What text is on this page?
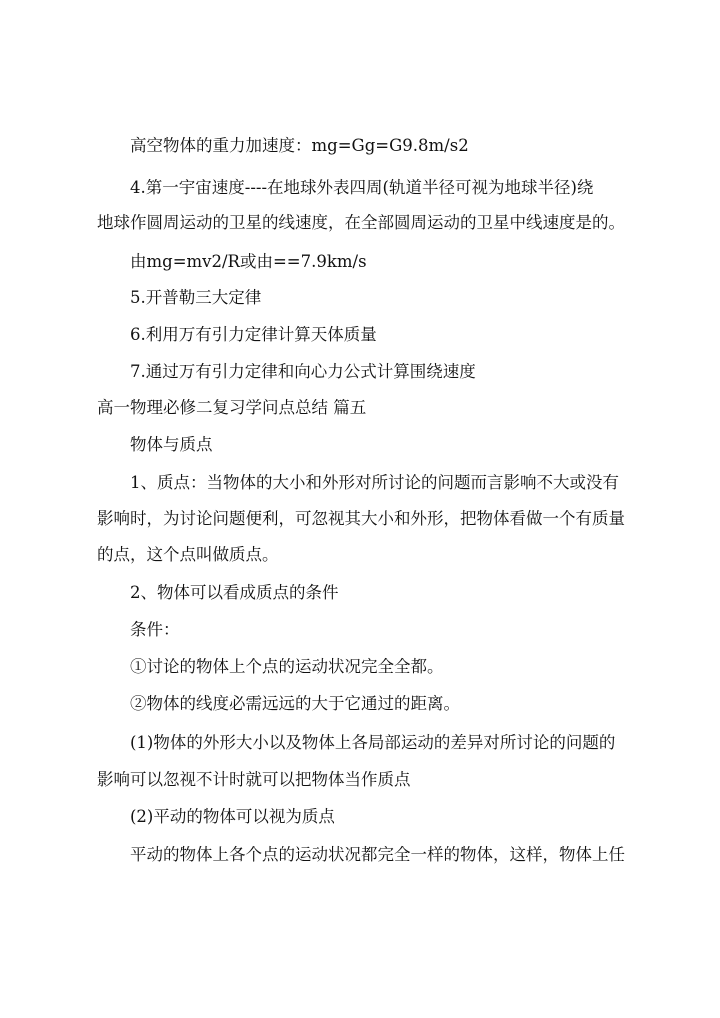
高空物体的重力加速度：mg=Gg=G9.8m/s2
4.第一宇宙速度----在地球外表四周(轨道半径可视为地球半径)绕
地球作圆周运动的卫星的线速度，在全部圆周运动的卫星中线速度是的。
由mg=mv2/R或由==7.9km/s
5.开普勒三大定律
6.利用万有引力定律计算天体质量
7.通过万有引力定律和向心力公式计算围绕速度
高一物理必修二复习学问点总结 篇五
物体与质点
1、质点：当物体的大小和外形对所讨论的问题而言影响不大或没有
影响时，为讨论问题便利，可忽视其大小和外形，把物体看做一个有质量
的点，这个点叫做质点。
2、物体可以看成质点的条件
条件：
①讨论的物体上个点的运动状况完全全都。
②物体的线度必需远远的大于它通过的距离。
(1)物体的外形大小以及物体上各局部运动的差异对所讨论的问题的
影响可以忽视不计时就可以把物体当作质点
(2)平动的物体可以视为质点
平动的物体上各个点的运动状况都完全一样的物体，这样，物体上任
